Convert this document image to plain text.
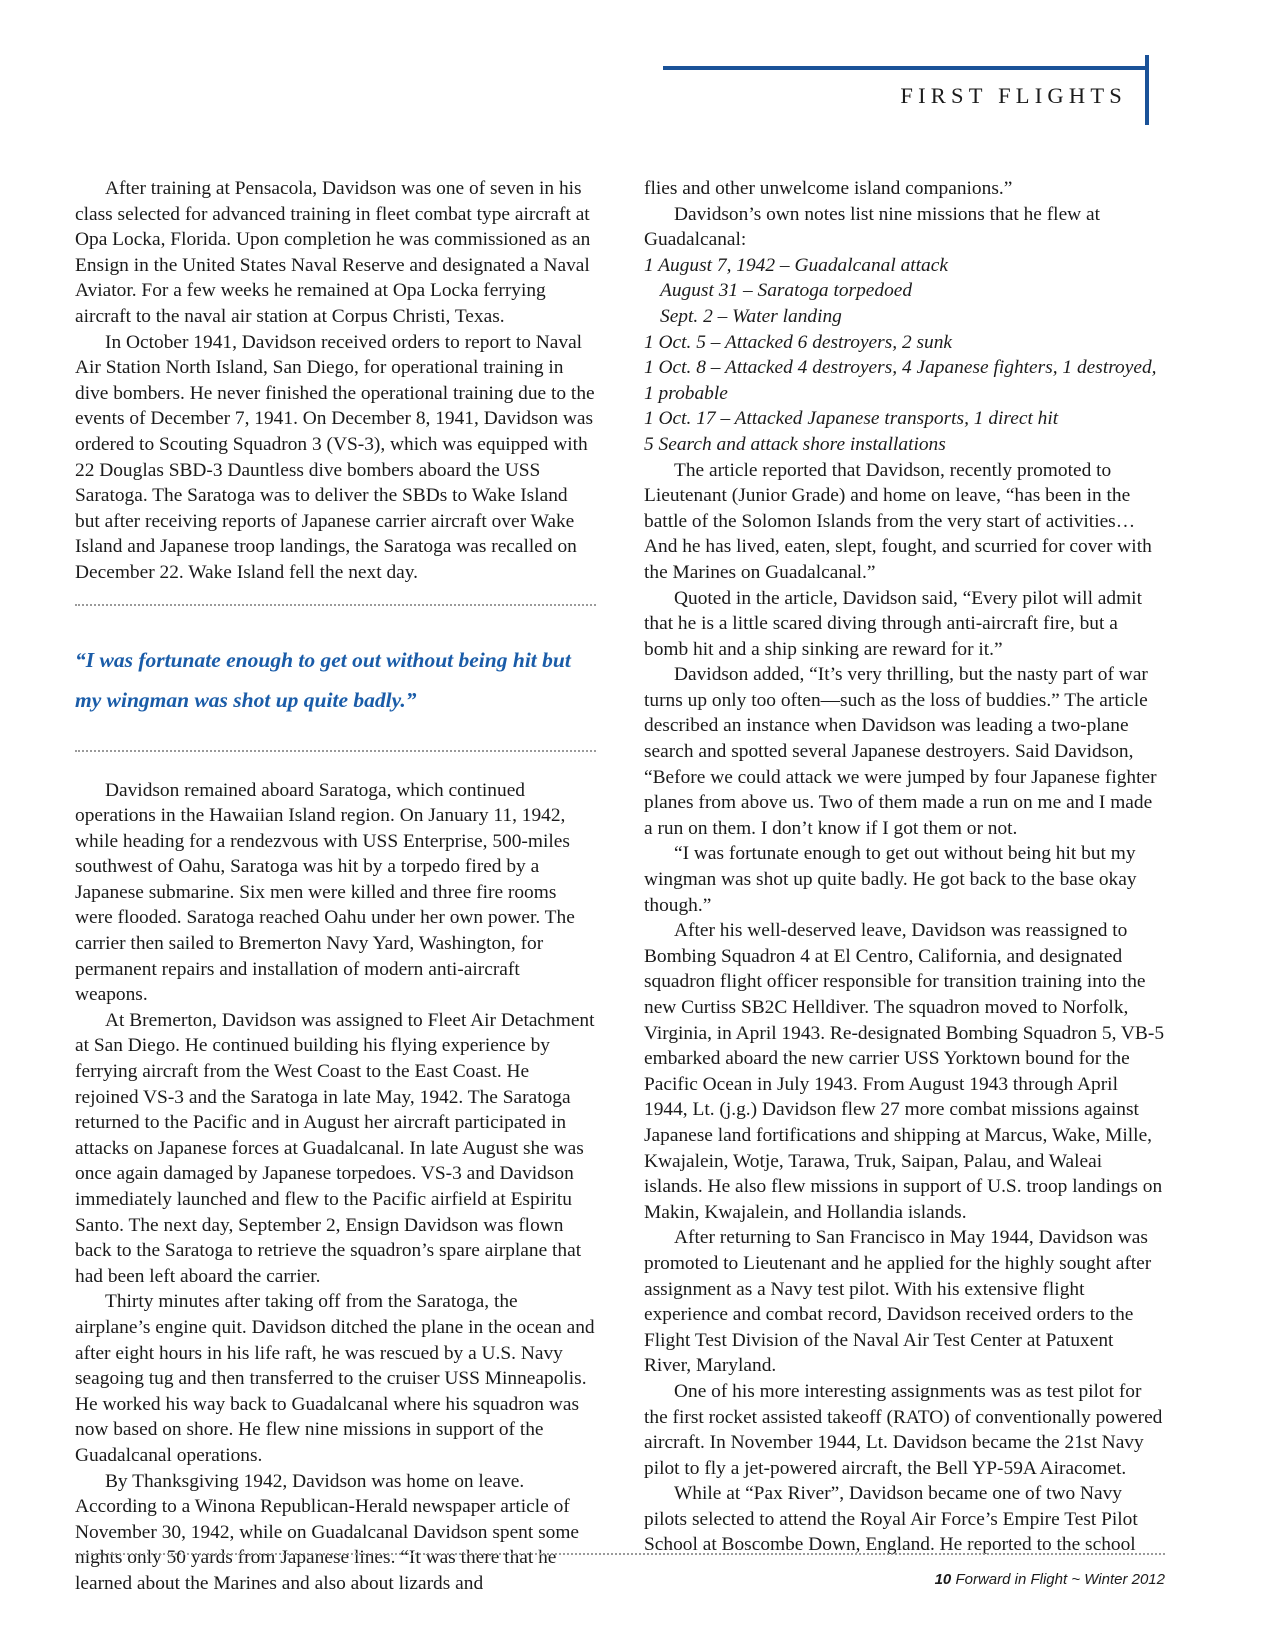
FIRST FLIGHTS

After training at Pensacola, Davidson was one of seven in his class selected for advanced training in fleet combat type aircraft at Opa Locka, Florida. Upon completion he was commissioned as an Ensign in the United States Naval Reserve and designated a Naval Aviator. For a few weeks he remained at Opa Locka ferrying aircraft to the naval air station at Corpus Christi, Texas.

In October 1941, Davidson received orders to report to Naval Air Station North Island, San Diego, for operational training in dive bombers. He never finished the operational training due to the events of December 7, 1941. On December 8, 1941, Davidson was ordered to Scouting Squadron 3 (VS-3), which was equipped with 22 Douglas SBD-3 Dauntless dive bombers aboard the USS Saratoga. The Saratoga was to deliver the SBDs to Wake Island but after receiving reports of Japanese carrier aircraft over Wake Island and Japanese troop landings, the Saratoga was recalled on December 22. Wake Island fell the next day.

“I was fortunate enough to get out without being hit but my wingman was shot up quite badly.”

Davidson remained aboard Saratoga, which continued operations in the Hawaiian Island region. On January 11, 1942, while heading for a rendezvous with USS Enterprise, 500-miles southwest of Oahu, Saratoga was hit by a torpedo fired by a Japanese submarine. Six men were killed and three fire rooms were flooded. Saratoga reached Oahu under her own power. The carrier then sailed to Bremerton Navy Yard, Washington, for permanent repairs and installation of modern anti-aircraft weapons.

At Bremerton, Davidson was assigned to Fleet Air Detachment at San Diego. He continued building his flying experience by ferrying aircraft from the West Coast to the East Coast. He rejoined VS-3 and the Saratoga in late May, 1942. The Saratoga returned to the Pacific and in August her aircraft participated in attacks on Japanese forces at Guadalcanal. In late August she was once again damaged by Japanese torpedoes. VS-3 and Davidson immediately launched and flew to the Pacific airfield at Espiritu Santo. The next day, September 2, Ensign Davidson was flown back to the Saratoga to retrieve the squadron’s spare airplane that had been left aboard the carrier.

Thirty minutes after taking off from the Saratoga, the airplane’s engine quit. Davidson ditched the plane in the ocean and after eight hours in his life raft, he was rescued by a U.S. Navy seagoing tug and then transferred to the cruiser USS Minneapolis. He worked his way back to Guadalcanal where his squadron was now based on shore. He flew nine missions in support of the Guadalcanal operations.

By Thanksgiving 1942, Davidson was home on leave. According to a Winona Republican-Herald newspaper article of November 30, 1942, while on Guadalcanal Davidson spent some nights only 50 yards from Japanese lines. “It was there that he learned about the Marines and also about lizards and

flies and other unwelcome island companions.”

Davidson’s own notes list nine missions that he flew at Guadalcanal:

1 August 7, 1942 – Guadalcanal attack
August 31 – Saratoga torpedoed
Sept. 2 – Water landing
1 Oct. 5 – Attacked 6 destroyers, 2 sunk
1 Oct. 8 – Attacked 4 destroyers, 4 Japanese fighters, 1 destroyed, 1 probable
1 Oct. 17 – Attacked Japanese transports, 1 direct hit
5 Search and attack shore installations

The article reported that Davidson, recently promoted to Lieutenant (Junior Grade) and home on leave, “has been in the battle of the Solomon Islands from the very start of activities… And he has lived, eaten, slept, fought, and scurried for cover with the Marines on Guadalcanal.”

Quoted in the article, Davidson said, “Every pilot will admit that he is a little scared diving through anti-aircraft fire, but a bomb hit and a ship sinking are reward for it.”

Davidson added, “It’s very thrilling, but the nasty part of war turns up only too often—such as the loss of buddies.” The article described an instance when Davidson was leading a two-plane search and spotted several Japanese destroyers. Said Davidson, “Before we could attack we were jumped by four Japanese fighter planes from above us. Two of them made a run on me and I made a run on them. I don’t know if I got them or not.

“I was fortunate enough to get out without being hit but my wingman was shot up quite badly. He got back to the base okay though.”

After his well-deserved leave, Davidson was reassigned to Bombing Squadron 4 at El Centro, California, and designated squadron flight officer responsible for transition training into the new Curtiss SB2C Helldiver. The squadron moved to Norfolk, Virginia, in April 1943. Re-designated Bombing Squadron 5, VB-5 embarked aboard the new carrier USS Yorktown bound for the Pacific Ocean in July 1943. From August 1943 through April 1944, Lt. (j.g.) Davidson flew 27 more combat missions against Japanese land fortifications and shipping at Marcus, Wake, Mille, Kwajalein, Wotje, Tarawa, Truk, Saipan, Palau, and Waleai islands. He also flew missions in support of U.S. troop landings on Makin, Kwajalein, and Hollandia islands.

After returning to San Francisco in May 1944, Davidson was promoted to Lieutenant and he applied for the highly sought after assignment as a Navy test pilot. With his extensive flight experience and combat record, Davidson received orders to the Flight Test Division of the Naval Air Test Center at Patuxent River, Maryland.

One of his more interesting assignments was as test pilot for the first rocket assisted takeoff (RATO) of conventionally powered aircraft. In November 1944, Lt. Davidson became the 21st Navy pilot to fly a jet-powered aircraft, the Bell YP-59A Airacomet.

While at “Pax River”, Davidson became one of two Navy pilots selected to attend the Royal Air Force’s Empire Test Pilot School at Boscombe Down, England. He reported to the school

10 Forward in Flight ~ Winter 2012
